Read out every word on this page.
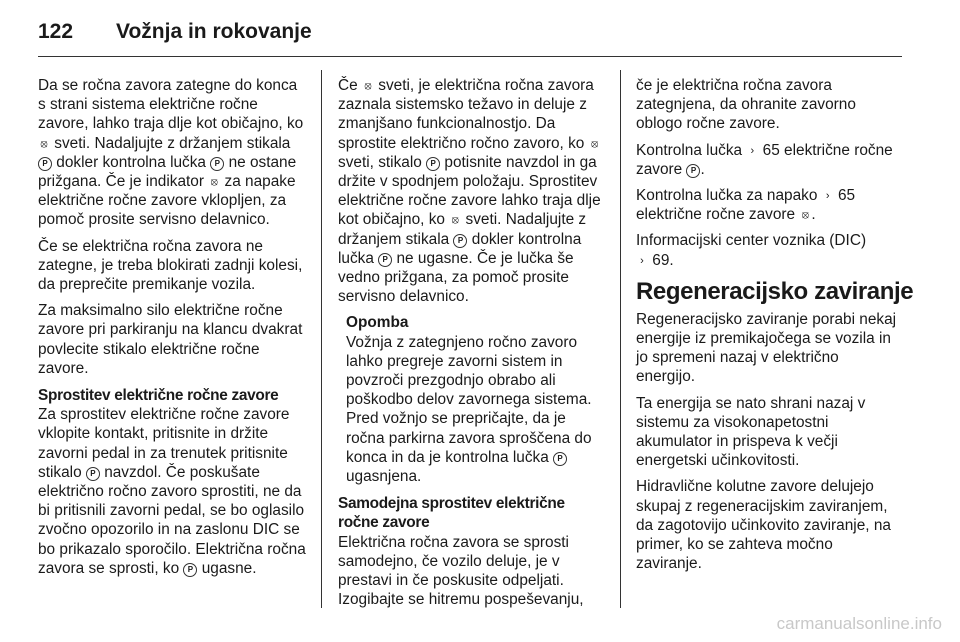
122 Vožnja in rokovanje

Da se ročna zavora zategne do konca s strani sistema električne ročne zavore, lahko traja dlje kot običajno, ko ⦻ sveti. Nadaljujte z držanjem stikala P dokler kontrolna lučka P ne ostane prižgana. Če je indikator ⦻ za napake električne ročne zavore vklopljen, za pomoč prosite servisno delavnico.

Če se električna ročna zavora ne zategne, je treba blokirati zadnji kolesi, da preprečite premikanje vozila.

Za maksimalno silo električne ročne zavore pri parkiranju na klancu dvakrat povlecite stikalo električne ročne zavore.

Sprostitev električne ročne zavore

Za sprostitev električne ročne zavore vklopite kontakt, pritisnite in držite zavorni pedal in za trenutek pritisnite stikalo P navzdol. Če poskušate električno ročno zavoro sprostiti, ne da bi pritisnili zavorni pedal, se bo oglasilo zvočno opozorilo in na zaslonu DIC se bo prikazalo sporočilo. Električna ročna zavora se sprosti, ko P ugasne.

Če ⦻ sveti, je električna ročna zavora zaznala sistemsko težavo in deluje z zmanjšano funkcionalnostjo. Da sprostite električno ročno zavoro, ko ⦻ sveti, stikalo P potisnite navzdol in ga držite v spodnjem položaju. Sprostitev električne ročne zavore lahko traja dlje kot običajno, ko ⦻ sveti. Nadaljujte z držanjem stikala P dokler kontrolna lučka P ne ugasne. Če je lučka še vedno prižgana, za pomoč prosite servisno delavnico.

Opomba

Vožnja z zategnjeno ročno zavoro lahko pregreje zavorni sistem in povzroči prezgodnjo obrabo ali poškodbo delov zavornega sistema. Pred vožnjo se prepričajte, da je ročna parkirna zavora sproščena do konca in da je kontrolna lučka P ugasnjena.

Samodejna sprostitev električne ročne zavore

Električna ročna zavora se sprosti samodejno, če vozilo deluje, je v prestavi in če poskusite odpeljati. Izogibajte se hitremu pospeševanju,

če je električna ročna zavora zategnjena, da ohranite zavorno oblogo ročne zavore.

Kontrolna lučka › 65 električne ročne zavore P .

Kontrolna lučka za napako › 65 električne ročne zavore ⦻ .

Informacijski center voznika (DIC)
› 69.

Regeneracijsko zaviranje

Regeneracijsko zaviranje porabi nekaj energije iz premikajočega se vozila in jo spremeni nazaj v električno energijo.

Ta energija se nato shrani nazaj v sistemu za visokonapetostni akumulator in prispeva k večji energetski učinkovitosti.

Hidravlične kolutne zavore delujejo skupaj z regeneracijskim zaviranjem, da zagotovijo učinkovito zaviranje, na primer, ko se zahteva močno zaviranje.

carmanualsonline.info
